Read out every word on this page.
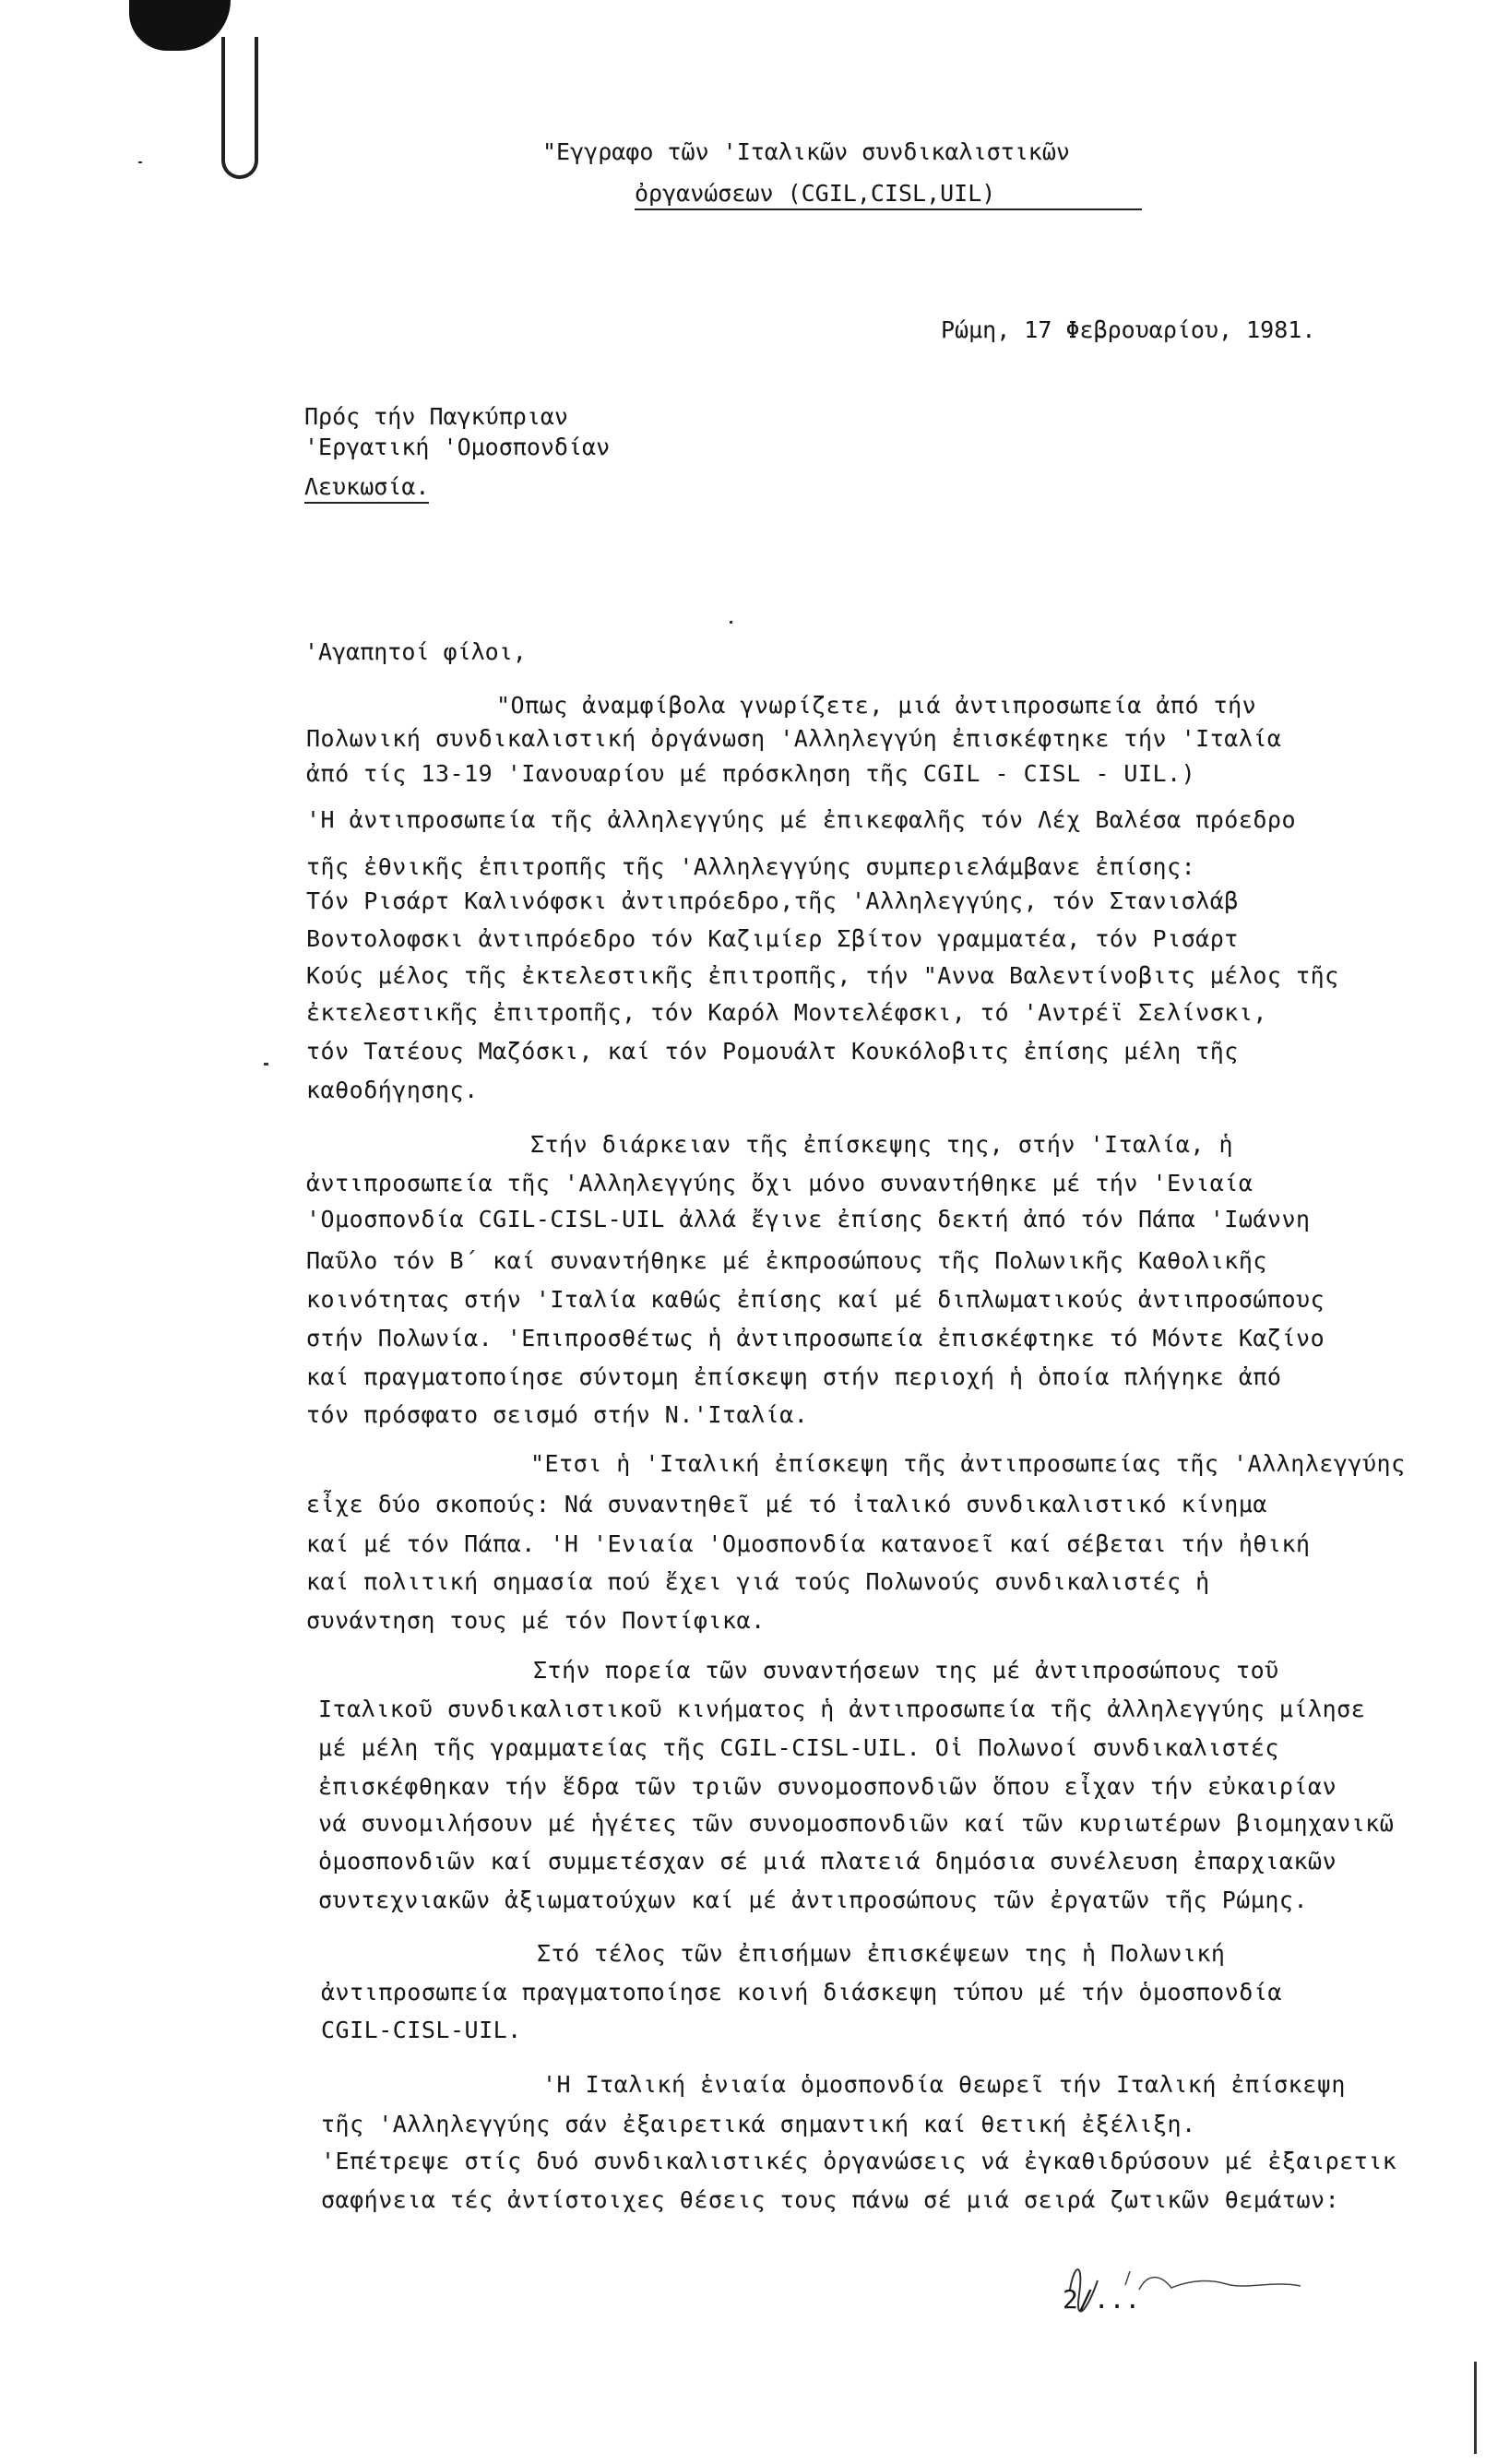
"Εγγραφο τῶν 'Ιταλικῶν συνδικαλιστικῶν
ὀργανώσεων (CGIL,CISL,UIL)
Ρώμη, 17 Φεβρουαρίου, 1981.
Πρός τήν Παγκύπριαν
'Εργατική 'Ομοσπονδίαν
Λευκωσία.
'Αγαπητοί φίλοι,
"Οπως ἀναμφίβολα γνωρίζετε, μιά ἀντιπροσωπεία ἀπό τήν
Πολωνική συνδικαλιστική ὀργάνωση 'Αλληλεγγύη ἐπισκέφτηκε τήν 'Ιταλία
ἀπό τίς 13-19 'Ιανουαρίου μέ πρόσκληση τῆς CGIL - CISL - UIL.)
'Η ἀντιπροσωπεία τῆς ἀλληλεγγύης μέ ἐπικεφαλῆς τόν Λέχ Βαλέσα πρόεδρο
τῆς ἐθνικῆς ἐπιτροπῆς τῆς 'Αλληλεγγύης συμπεριελάμβανε ἐπίσης:
Τόν Ρισάρτ Καλινόφσκι ἀντιπρόεδρο,τῆς 'Αλληλεγγύης, τόν Στανισλάβ
Βοντολοφσκι ἀντιπρόεδρο τόν Καζιμίερ Σβίτον γραμματέα, τόν Ρισάρτ
Κούς μέλος τῆς ἐκτελεστικῆς ἐπιτροπῆς, τήν "Αννα Βαλεντίνοβιτς μέλος τῆς
ἐκτελεστικῆς ἐπιτροπῆς, τόν Καρόλ Μοντελέφσκι, τό 'Αντρέϊ Σελίνσκι,
τόν Τατέους Μαζόσκι, καί τόν Ρομουάλτ Κουκόλοβιτς ἐπίσης μέλη τῆς
καθοδήγησης.
Στήν διάρκειαν τῆς ἐπίσκεψης της, στήν 'Ιταλία, ἡ
ἀντιπροσωπεία τῆς 'Αλληλεγγύης ὄχι μόνο συναντήθηκε μέ τήν 'Ενιαία
'Ομοσπονδία CGIL-CISL-UIL ἀλλά ἔγινε ἐπίσης δεκτή ἀπό τόν Πάπα 'Ιωάννη
Παῦλο τόν Β΄ καί συναντήθηκε μέ ἐκπροσώπους τῆς Πολωνικῆς Καθολικῆς
κοινότητας στήν 'Ιταλία καθώς ἐπίσης καί μέ διπλωματικούς ἀντιπροσώπους
στήν Πολωνία. 'Επιπροσθέτως ἡ ἀντιπροσωπεία ἐπισκέφτηκε τό Μόντε Καζίνο
καί πραγματοποίησε σύντομη ἐπίσκεψη στήν περιοχή ἡ ὁποία πλήγηκε ἀπό
τόν πρόσφατο σεισμό στήν Ν.'Ιταλία.
"Ετσι ἡ 'Ιταλική ἐπίσκεψη τῆς ἀντιπροσωπείας τῆς 'Αλληλεγγύης
εἶχε δύο σκοπούς: Νά συναντηθεῖ μέ τό ἰταλικό συνδικαλιστικό κίνημα
καί μέ τόν Πάπα. 'Η 'Ενιαία 'Ομοσπονδία κατανοεῖ καί σέβεται τήν ἠθική
καί πολιτική σημασία πού ἔχει γιά τούς Πολωνούς συνδικαλιστές ἡ
συνάντηση τους μέ τόν Ποντίφικα.
Στήν πορεία τῶν συναντήσεων της μέ ἀντιπροσώπους τοῦ
Ιταλικοῦ συνδικαλιστικοῦ κινήματος ἡ ἀντιπροσωπεία τῆς ἀλληλεγγύης μίλησε
μέ μέλη τῆς γραμματείας τῆς CGIL-CISL-UIL. Οἱ Πολωνοί συνδικαλιστές
ἐπισκέφθηκαν τήν ἕδρα τῶν τριῶν συνομοσπονδιῶν ὅπου εἶχαν τήν εὐκαιρίαν
νά συνομιλήσουν μέ ἡγέτες τῶν συνομοσπονδιῶν καί τῶν κυριωτέρων βιομηχανικῶ
ὁμοσπονδιῶν καί συμμετέσχαν σέ μιά πλατειά δημόσια συνέλευση ἐπαρχιακῶν
συντεχνιακῶν ἀξιωματούχων καί μέ ἀντιπροσώπους τῶν ἐργατῶν τῆς Ρώμης.
Στό τέλος τῶν ἐπισήμων ἐπισκέψεων της ἡ Πολωνική
ἀντιπροσωπεία πραγματοποίησε κοινή διάσκεψη τύπου μέ τήν ὁμοσπονδία
CGIL-CISL-UIL.
'Η Ιταλική ἑνιαία ὁμοσπονδία θεωρεῖ τήν Ιταλική ἐπίσκεψη
τῆς 'Αλληλεγγύης σάν ἐξαιρετικά σημαντική καί θετική ἐξέλιξη.
'Επέτρεψε στίς δυό συνδικαλιστικές ὀργανώσεις νά ἐγκαθιδρύσουν μέ ἐξαιρετικ
σαφήνεια τές ἀντίστοιχες θέσεις τους πάνω σέ μιά σειρά ζωτικῶν θεμάτων:
2/...
